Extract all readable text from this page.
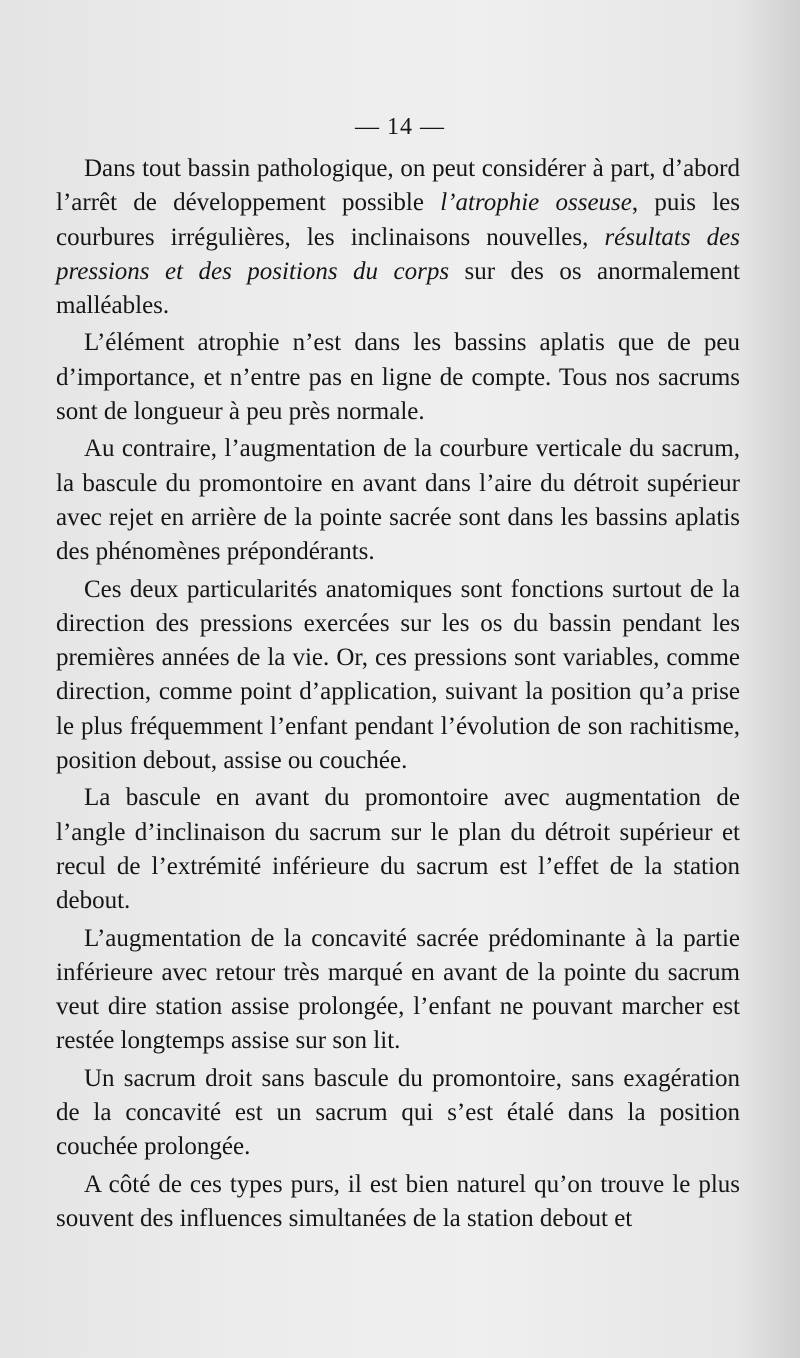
— 14 —

Dans tout bassin pathologique, on peut considérer à part, d’abord l’arrêt de développement possible l’atrophie osseuse, puis les courbures irrégulières, les inclinaisons nouvelles, résultats des pressions et des positions du corps sur des os anormalement malléables.

L’élément atrophie n’est dans les bassins aplatis que de peu d’importance, et n’entre pas en ligne de compte. Tous nos sacrums sont de longueur à peu près normale.

Au contraire, l’augmentation de la courbure verticale du sacrum, la bascule du promontoire en avant dans l’aire du détroit supérieur avec rejet en arrière de la pointe sacrée sont dans les bassins aplatis des phénomènes prépondérants.

Ces deux particularités anatomiques sont fonctions surtout de la direction des pressions exercées sur les os du bassin pendant les premières années de la vie. Or, ces pressions sont variables, comme direction, comme point d’application, suivant la position qu’a prise le plus fréquemment l’enfant pendant l’évolution de son rachitisme, position debout, assise ou couchée.

La bascule en avant du promontoire avec augmentation de l’angle d’inclinaison du sacrum sur le plan du détroit supérieur et recul de l’extrémité inférieure du sacrum est l’effet de la station debout.

L’augmentation de la concavité sacrée prédominante à la partie inférieure avec retour très marqué en avant de la pointe du sacrum veut dire station assise prolongée, l’enfant ne pouvant marcher est restée longtemps assise sur son lit.

Un sacrum droit sans bascule du promontoire, sans exagération de la concavité est un sacrum qui s’est étalé dans la position couchée prolongée.

A côté de ces types purs, il est bien naturel qu’on trouve le plus souvent des influences simultanées de la station debout et
